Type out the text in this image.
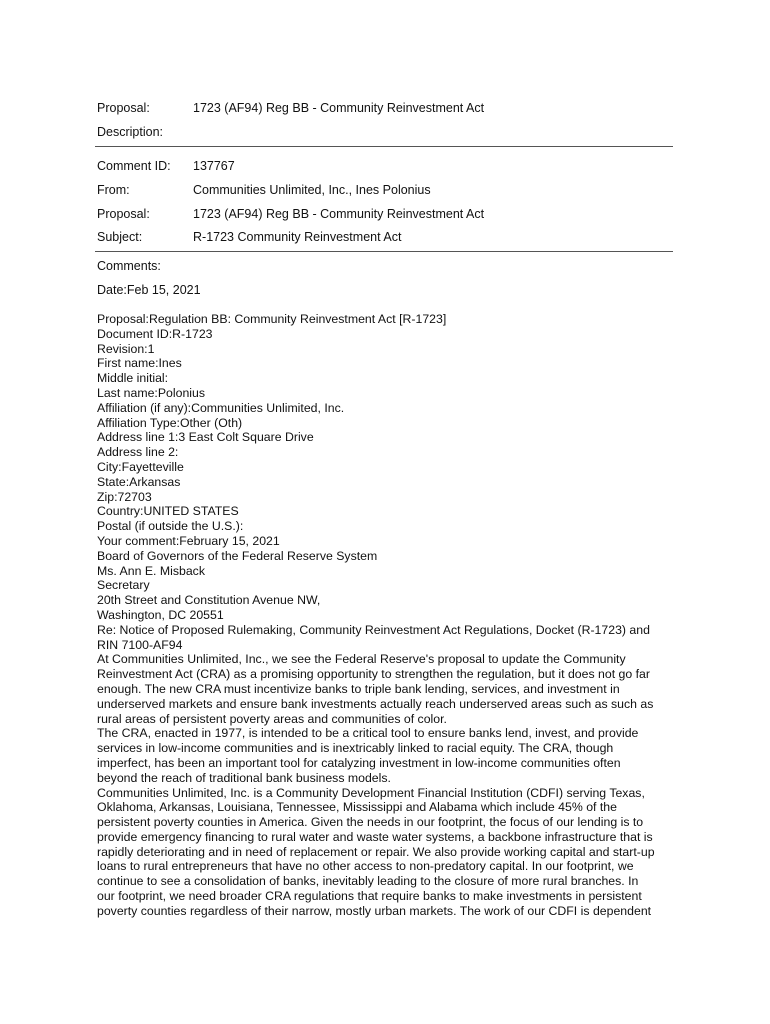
Proposal:	1723 (AF94) Reg BB - Community Reinvestment Act
Description:
Comment ID: 137767
From:	Communities Unlimited, Inc., Ines Polonius
Proposal:	1723 (AF94) Reg BB - Community Reinvestment Act
Subject:	R-1723 Community Reinvestment Act
Comments:
Date:Feb 15, 2021
Proposal:Regulation BB: Community Reinvestment Act [R-1723]
Document ID:R-1723
Revision:1
First name:Ines
Middle initial:
Last name:Polonius
Affiliation (if any):Communities Unlimited, Inc.
Affiliation Type:Other (Oth)
Address line 1:3 East Colt Square Drive
Address line 2:
City:Fayetteville
State:Arkansas
Zip:72703
Country:UNITED STATES
Postal (if outside the U.S.):
Your comment:February 15, 2021
Board of Governors of the Federal Reserve System
Ms. Ann E. Misback
Secretary
20th Street and Constitution Avenue NW,
Washington, DC 20551
Re: Notice of Proposed Rulemaking, Community Reinvestment Act Regulations, Docket (R-1723) and
RIN 7100-AF94
At Communities Unlimited, Inc., we see the Federal Reserve's proposal to update the Community
Reinvestment Act (CRA) as a promising opportunity to strengthen the regulation, but it does not go far
enough. The new CRA must incentivize banks to triple bank lending, services, and investment in
underserved markets and ensure bank investments actually reach underserved areas such as such as
rural areas of persistent poverty areas and communities of color.
The CRA, enacted in 1977, is intended to be a critical tool to ensure banks lend, invest, and provide
services in low-income communities and is inextricably linked to racial equity. The CRA, though
imperfect, has been an important tool for catalyzing investment in low-income communities often
beyond the reach of traditional bank business models.
Communities Unlimited, Inc. is a Community Development Financial Institution (CDFI) serving Texas,
Oklahoma, Arkansas, Louisiana, Tennessee, Mississippi and Alabama which include 45% of the
persistent poverty counties in America. Given the needs in our footprint, the focus of our lending is to
provide emergency financing to rural water and waste water systems, a backbone infrastructure that is
rapidly deteriorating and in need of replacement or repair. We also provide working capital and start-up
loans to rural entrepreneurs that have no other access to non-predatory capital. In our footprint, we
continue to see a consolidation of banks, inevitably leading to the closure of more rural branches. In
our footprint, we need broader CRA regulations that require banks to make investments in persistent
poverty counties regardless of their narrow, mostly urban markets. The work of our CDFI is dependent
